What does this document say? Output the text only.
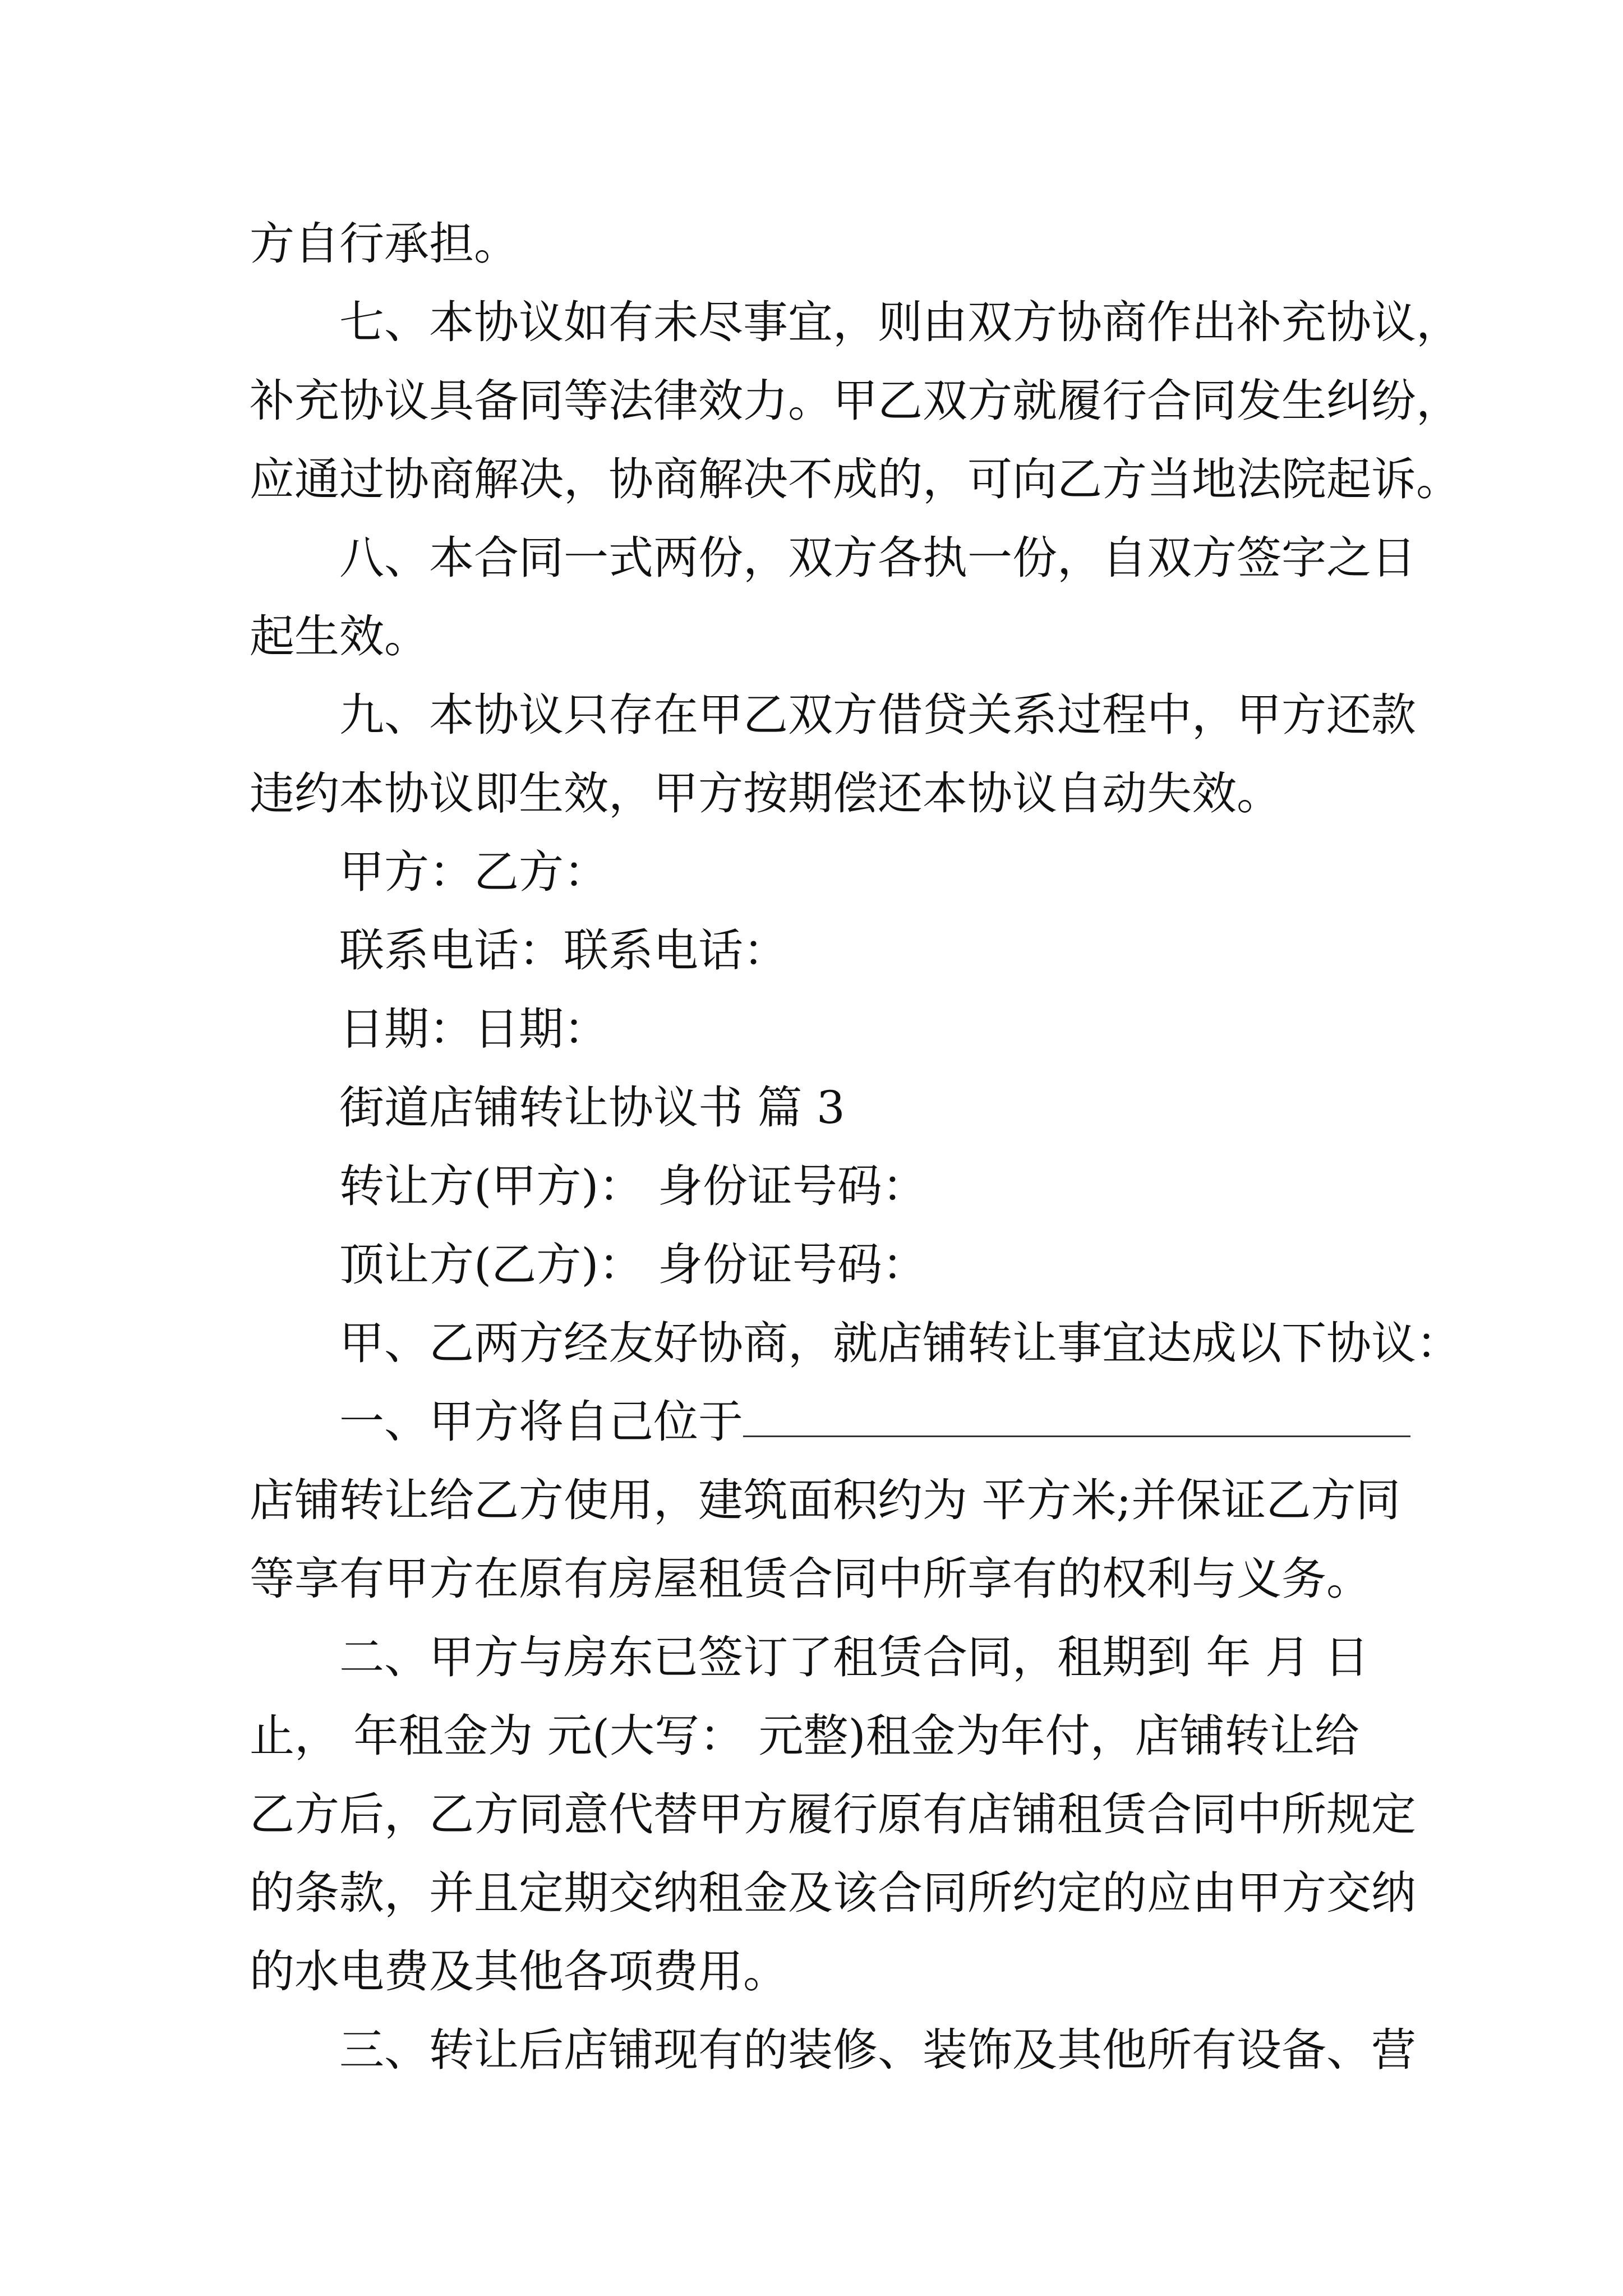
方自行承担。

七、本协议如有未尽事宜，则由双方协商作出补充协议，

补充协议具备同等法律效力。甲乙双方就履行合同发生纠纷，

应通过协商解决，协商解决不成的，可向乙方当地法院起诉。

八、本合同一式两份，双方各执一份，自双方签字之日

起生效。

九、本协议只存在甲乙双方借贷关系过程中，甲方还款

违约本协议即生效，甲方按期偿还本协议自动失效。

甲方：乙方：

联系电话：联系电话：

日期：日期：

街道店铺转让协议书 篇 3

转让方(甲方)： 身份证号码：

顶让方(乙方)： 身份证号码：

甲、乙两方经友好协商，就店铺转让事宜达成以下协议：

一、甲方将自己位于

店铺转让给乙方使用，建筑面积约为 平方米;并保证乙方同

等享有甲方在原有房屋租赁合同中所享有的权利与义务。

二、甲方与房东已签订了租赁合同，租期到 年 月 日

止， 年租金为 元(大写： 元整)租金为年付，店铺转让给

乙方后，乙方同意代替甲方履行原有店铺租赁合同中所规定

的条款，并且定期交纳租金及该合同所约定的应由甲方交纳

的水电费及其他各项费用。

三、转让后店铺现有的装修、装饰及其他所有设备、营
